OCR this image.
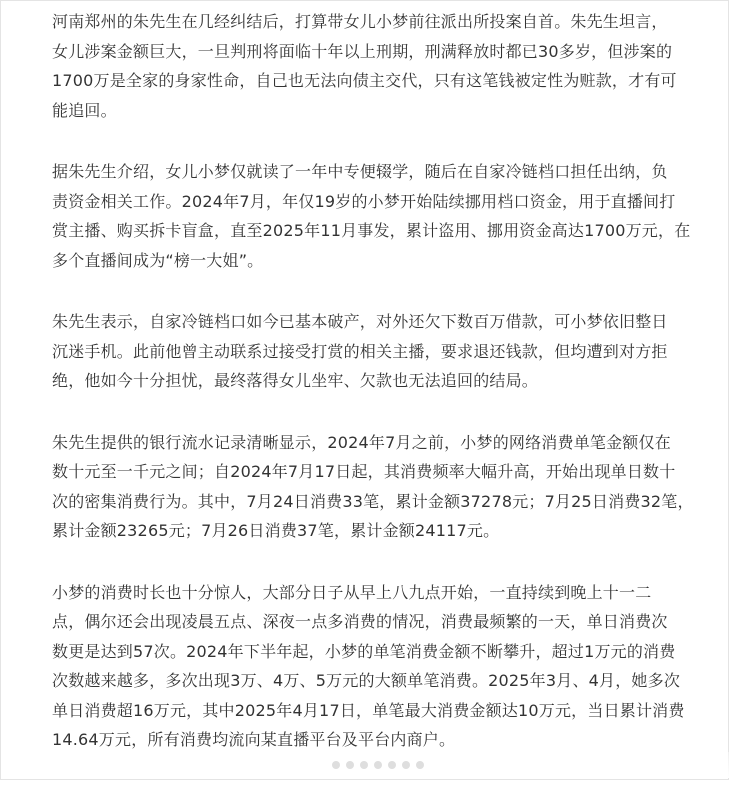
河南郑州的朱先生在几经纠结后，打算带女儿小梦前往派出所投案自首。朱先生坦言，
女儿涉案金额巨大，一旦判刑将面临十年以上刑期，刑满释放时都已30多岁，但涉案的
1700万是全家的身家性命，自己也无法向债主交代，只有这笔钱被定性为赃款，才有可
能追回。

据朱先生介绍，女儿小梦仅就读了一年中专便辍学，随后在自家冷链档口担任出纳，负
责资金相关工作。2024年7月，年仅19岁的小梦开始陆续挪用档口资金，用于直播间打
赏主播、购买拆卡盲盒，直至2025年11月事发，累计盗用、挪用资金高达1700万元，在
多个直播间成为“榜一大姐”。

朱先生表示，自家冷链档口如今已基本破产，对外还欠下数百万借款，可小梦依旧整日
沉迷手机。此前他曾主动联系过接受打赏的相关主播，要求退还钱款，但均遭到对方拒
绝，他如今十分担忧，最终落得女儿坐牢、欠款也无法追回的结局。

朱先生提供的银行流水记录清晰显示，2024年7月之前，小梦的网络消费单笔金额仅在
数十元至一千元之间；自2024年7月17日起，其消费频率大幅升高，开始出现单日数十
次的密集消费行为。其中，7月24日消费33笔，累计金额37278元；7月25日消费32笔，
累计金额23265元；7月26日消费37笔，累计金额24117元。

小梦的消费时长也十分惊人，大部分日子从早上八九点开始，一直持续到晚上十一二
点，偶尔还会出现凌晨五点、深夜一点多消费的情况，消费最频繁的一天，单日消费次
数更是达到57次。2024年下半年起，小梦的单笔消费金额不断攀升，超过1万元的消费
次数越来越多，多次出现3万、4万、5万元的大额单笔消费。2025年3月、4月，她多次
单日消费超16万元，其中2025年4月17日，单笔最大消费金额达10万元，当日累计消费
14.64万元，所有消费均流向某直播平台及平台内商户。
